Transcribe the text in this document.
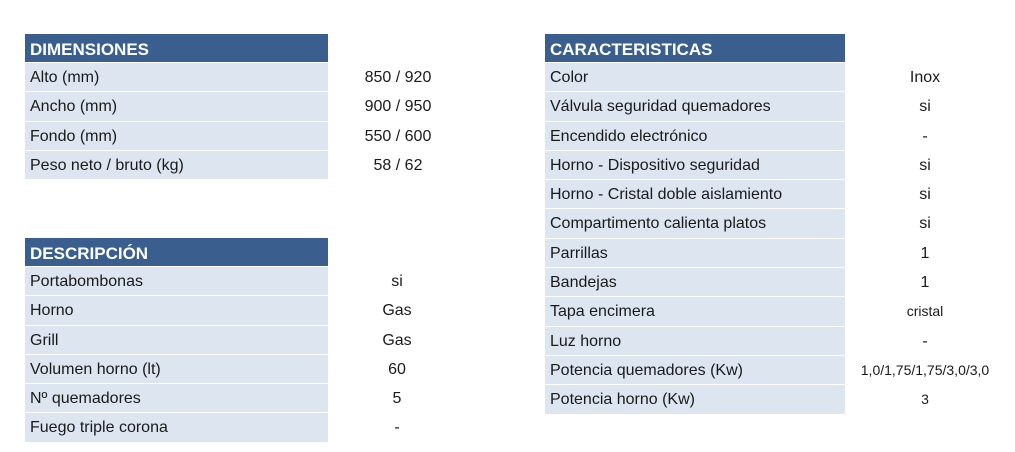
DIMENSIONES
Alto (mm)	850 / 920
Ancho (mm)	900 / 950
Fondo (mm)	550 / 600
Peso neto / bruto (kg)	58 / 62
DESCRIPCIÓN
Portabombonas	si
Horno	Gas
Grill	Gas
Volumen horno (lt)	60
Nº quemadores	5
Fuego triple corona	-
CARACTERISTICAS
Color	Inox
Válvula seguridad quemadores	si
Encendido electrónico	-
Horno - Dispositivo seguridad	si
Horno - Cristal doble aislamiento	si
Compartimento calienta platos	si
Parrillas	1
Bandejas	1
Tapa encimera	cristal
Luz horno	-
Potencia quemadores (Kw)	1,0/1,75/1,75/3,0/3,0
Potencia horno (Kw)	3
